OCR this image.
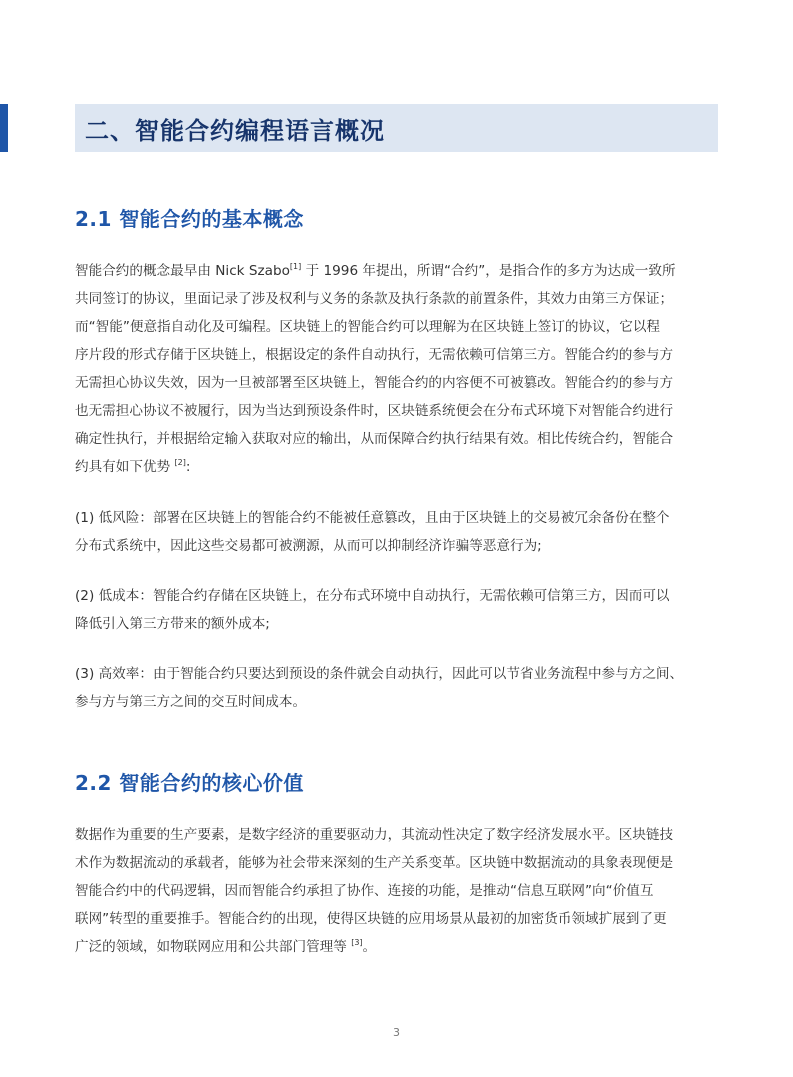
二、智能合约编程语言概况
2.1 智能合约的基本概念

智能合约的概念最早由 Nick Szabo[1] 于 1996 年提出，所谓“合约”，是指合作的多方为达成一致所

共同签订的协议，里面记录了涉及权利与义务的条款及执行条款的前置条件，其效力由第三方保证；

而“智能”便意指自动化及可编程。区块链上的智能合约可以理解为在区块链上签订的协议，它以程

序片段的形式存储于区块链上，根据设定的条件自动执行，无需依赖可信第三方。智能合约的参与方

无需担心协议失效，因为一旦被部署至区块链上，智能合约的内容便不可被篡改。智能合约的参与方

也无需担心协议不被履行，因为当达到预设条件时，区块链系统便会在分布式环境下对智能合约进行

确定性执行，并根据给定输入获取对应的输出，从而保障合约执行结果有效。相比传统合约，智能合

约具有如下优势 [2]:

(1) 低风险：部署在区块链上的智能合约不能被任意篡改，且由于区块链上的交易被冗余备份在整个

分布式系统中，因此这些交易都可被溯源，从而可以抑制经济诈骗等恶意行为;

(2) 低成本：智能合约存储在区块链上，在分布式环境中自动执行，无需依赖可信第三方，因而可以

降低引入第三方带来的额外成本;

(3) 高效率：由于智能合约只要达到预设的条件就会自动执行，因此可以节省业务流程中参与方之间、

参与方与第三方之间的交互时间成本。

2.2 智能合约的核心价值

数据作为重要的生产要素，是数字经济的重要驱动力，其流动性决定了数字经济发展水平。区块链技

术作为数据流动的承载者，能够为社会带来深刻的生产关系变革。区块链中数据流动的具象表现便是

智能合约中的代码逻辑，因而智能合约承担了协作、连接的功能，是推动“信息互联网”向“价值互

联网”转型的重要推手。智能合约的出现，使得区块链的应用场景从最初的加密货币领域扩展到了更

广泛的领域，如物联网应用和公共部门管理等 [3]。

3
